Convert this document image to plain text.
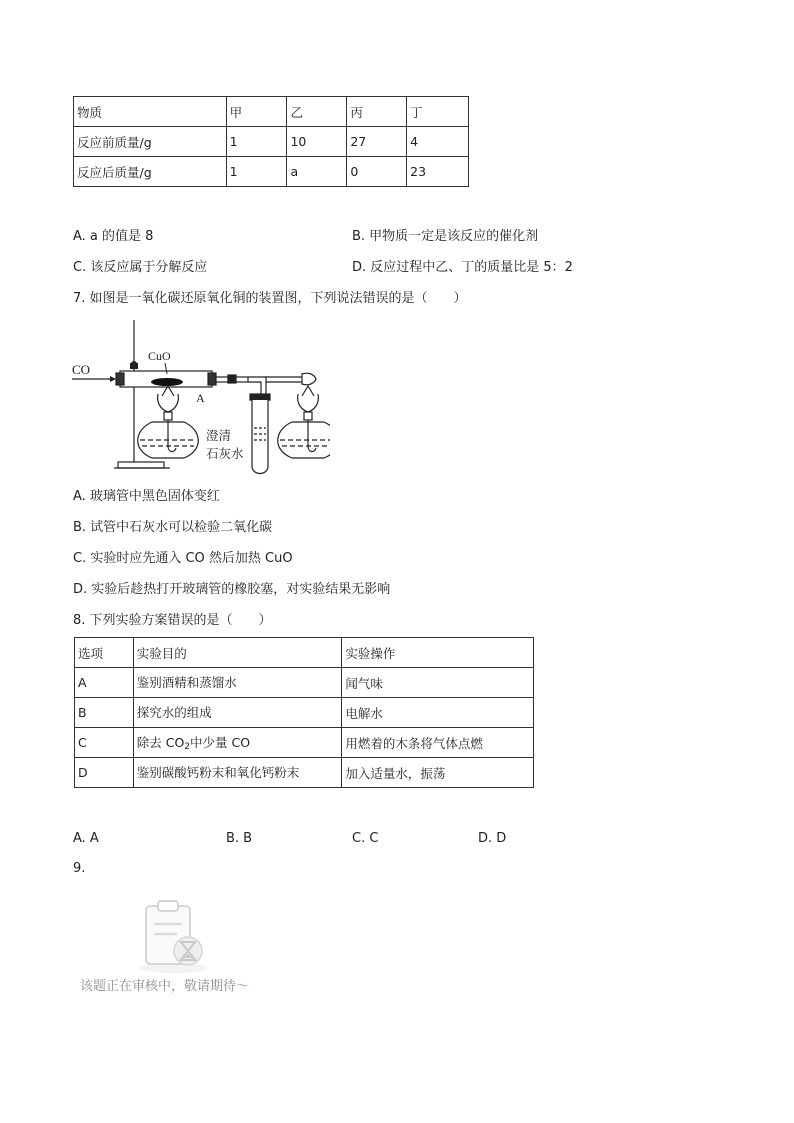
物质	甲	乙	丙	丁
反应前质量/g	1	10	27	4
反应后质量/g	1	a	0	23
A. a 的值是 8	B. 甲物质一定是该反应的催化剂
C. 该反应属于分解反应	D. 反应过程中乙、丁的质量比是 5：2
7. 如图是一氧化碳还原氧化铜的装置图，下列说法错误的是（　　）
CO
CuO
A
澄清
石灰水
A. 玻璃管中黑色固体变红
B. 试管中石灰水可以检验二氧化碳
C. 实验时应先通入 CO 然后加热 CuO
D. 实验后趁热打开玻璃管的橡胶塞，对实验结果无影响
8. 下列实验方案错误的是（　　）
选项	实验目的	实验操作
A	鉴别酒精和蒸馏水	闻气味
B	探究水的组成	电解水
C	除去 $CO_2$中少量 CO	用燃着的木条将气体点燃
D	鉴别碳酸钙粉末和氧化钙粉末	加入适量水，振荡
A. A	B. B	C. C	D. D
9.
该题正在审核中，敬请期待～
